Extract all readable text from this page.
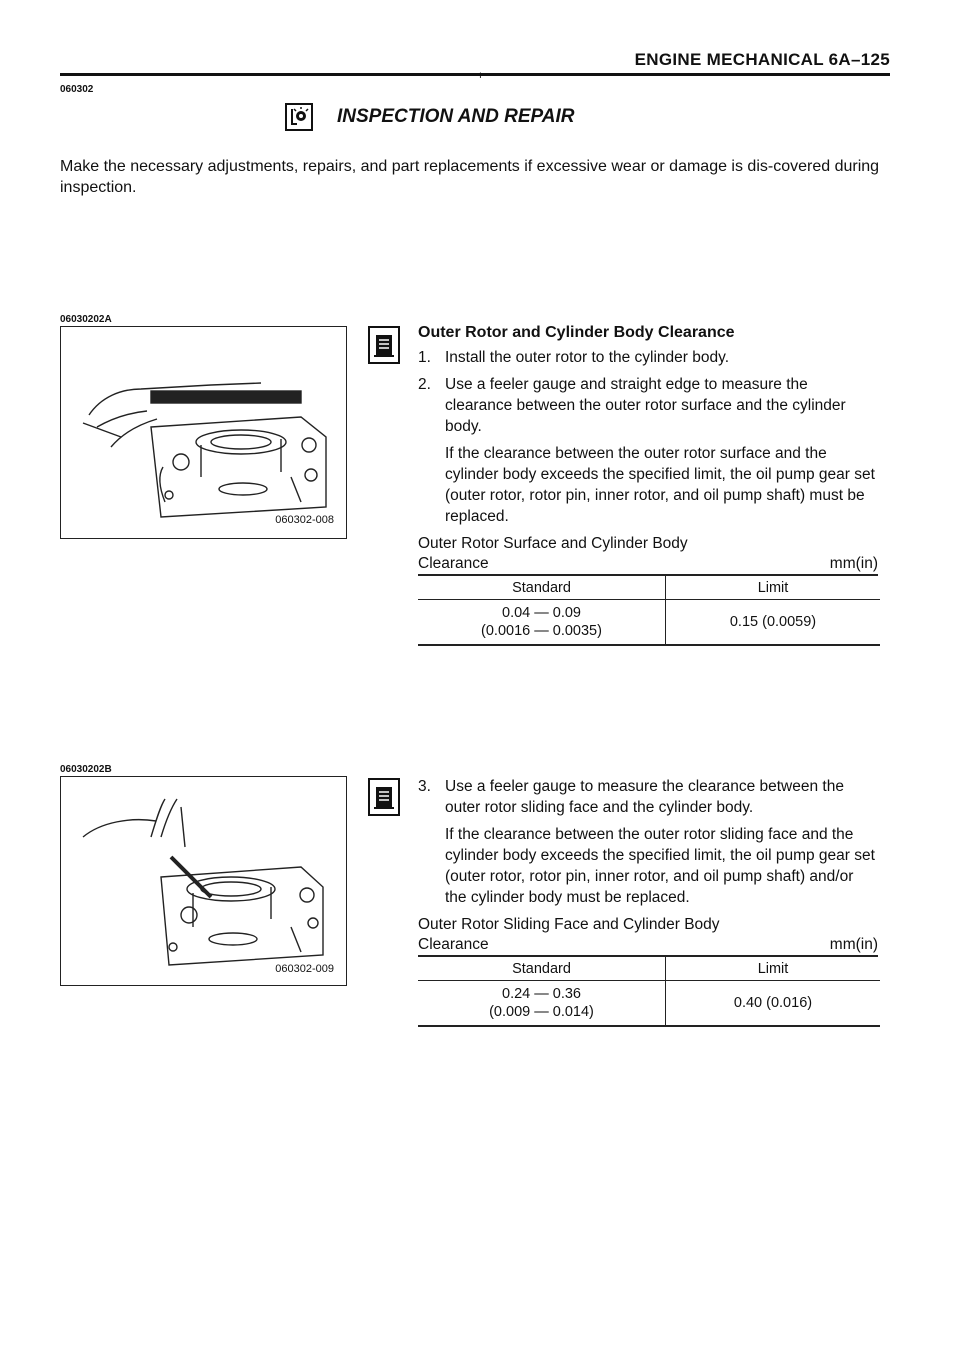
ENGINE MECHANICAL 6A–125
060302
ı
INSPECTION AND REPAIR
Make the necessary adjustments, repairs, and part replacements if excessive wear or damage is dis-covered during inspection.
06030202A
060302-008
Outer Rotor and Cylinder Body Clearance
1. Install the outer rotor to the cylinder body.
2. Use a feeler gauge and straight edge to measure the clearance between the outer rotor surface and the cylinder body.
If the clearance between the outer rotor surface and the cylinder body exceeds the specified limit, the oil pump gear set (outer rotor, rotor pin, inner rotor, and oil pump shaft) must be replaced.
Outer Rotor Surface and Cylinder Body
Clearance	mm(in)
Standard	Limit

0.04 — 0.09
(0.0016 — 0.0035)	0.15 (0.0059)
06030202B
060302-009
3. Use a feeler gauge to measure the clearance between the outer rotor sliding face and the cylinder body.
If the clearance between the outer rotor sliding face and the cylinder body exceeds the specified limit, the oil pump gear set (outer rotor, rotor pin, inner rotor, and oil pump shaft) and/or the cylinder body must be replaced.
Outer Rotor Sliding Face and Cylinder Body
Clearance	mm(in)
Standard	Limit

0.24 — 0.36
(0.009 — 0.014)	0.40 (0.016)
